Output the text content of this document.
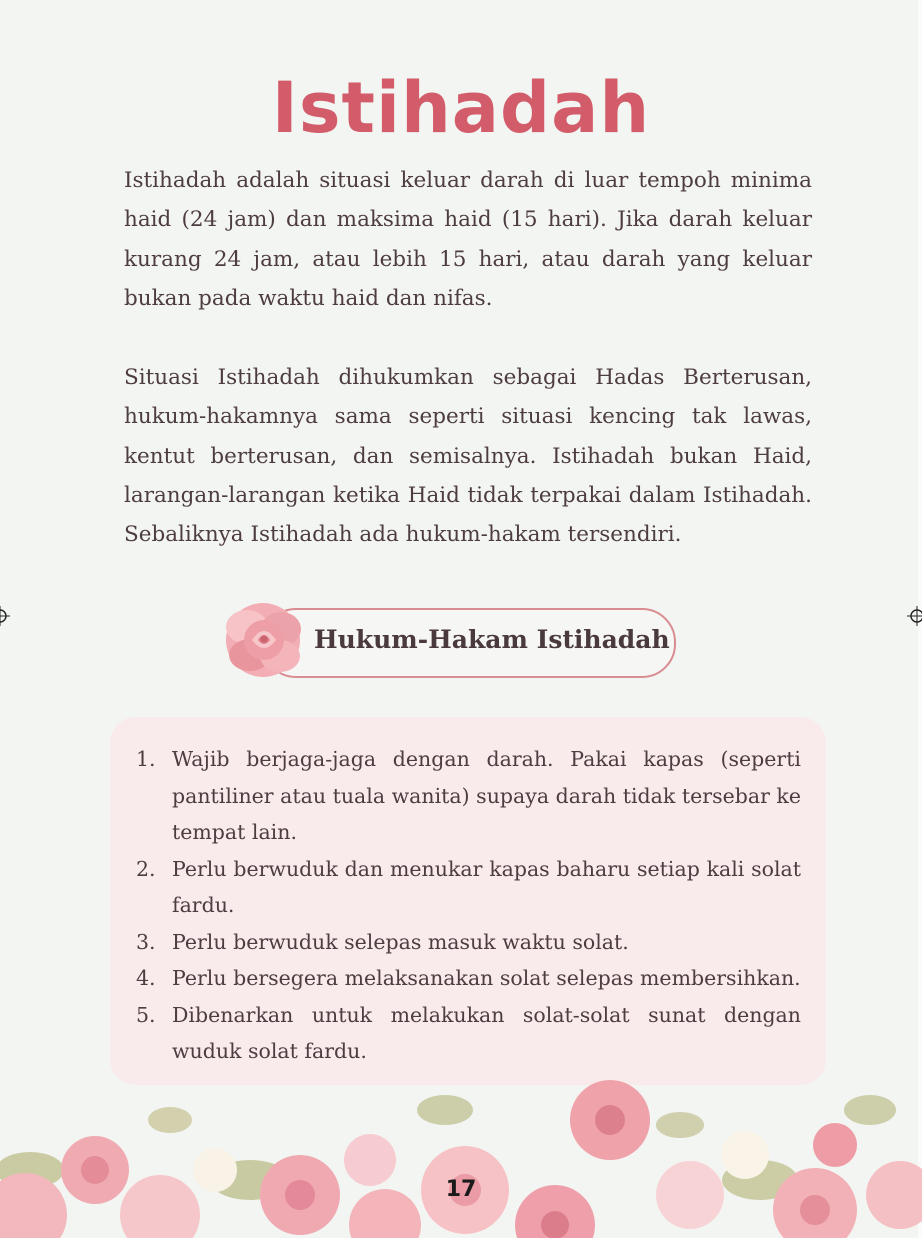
Istihadah

Istihadah adalah situasi keluar darah di luar tempoh minima haid (24 jam) dan maksima haid (15 hari). Jika darah keluar kurang 24 jam, atau lebih 15 hari, atau darah yang keluar bukan pada waktu haid dan nifas.

Situasi Istihadah dihukumkan sebagai Hadas Berterusan, hukum-hakamnya sama seperti situasi kencing tak lawas, kentut berterusan, dan semisalnya. Istihadah bukan Haid, larangan-larangan ketika Haid tidak terpakai dalam Istihadah. Sebaliknya Istihadah ada hukum-hakam tersendiri.

Hukum-Hakam Istihadah
1. Wajib berjaga-jaga dengan darah. Pakai kapas (seperti pantiliner atau tuala wanita) supaya darah tidak tersebar ke tempat lain.
2. Perlu berwuduk dan menukar kapas baharu setiap kali solat fardu.
3. Perlu berwuduk selepas masuk waktu solat.
4. Perlu bersegera melaksanakan solat selepas membersihkan.
5. Dibenarkan untuk melakukan solat-solat sunat dengan wuduk solat fardu.
17
